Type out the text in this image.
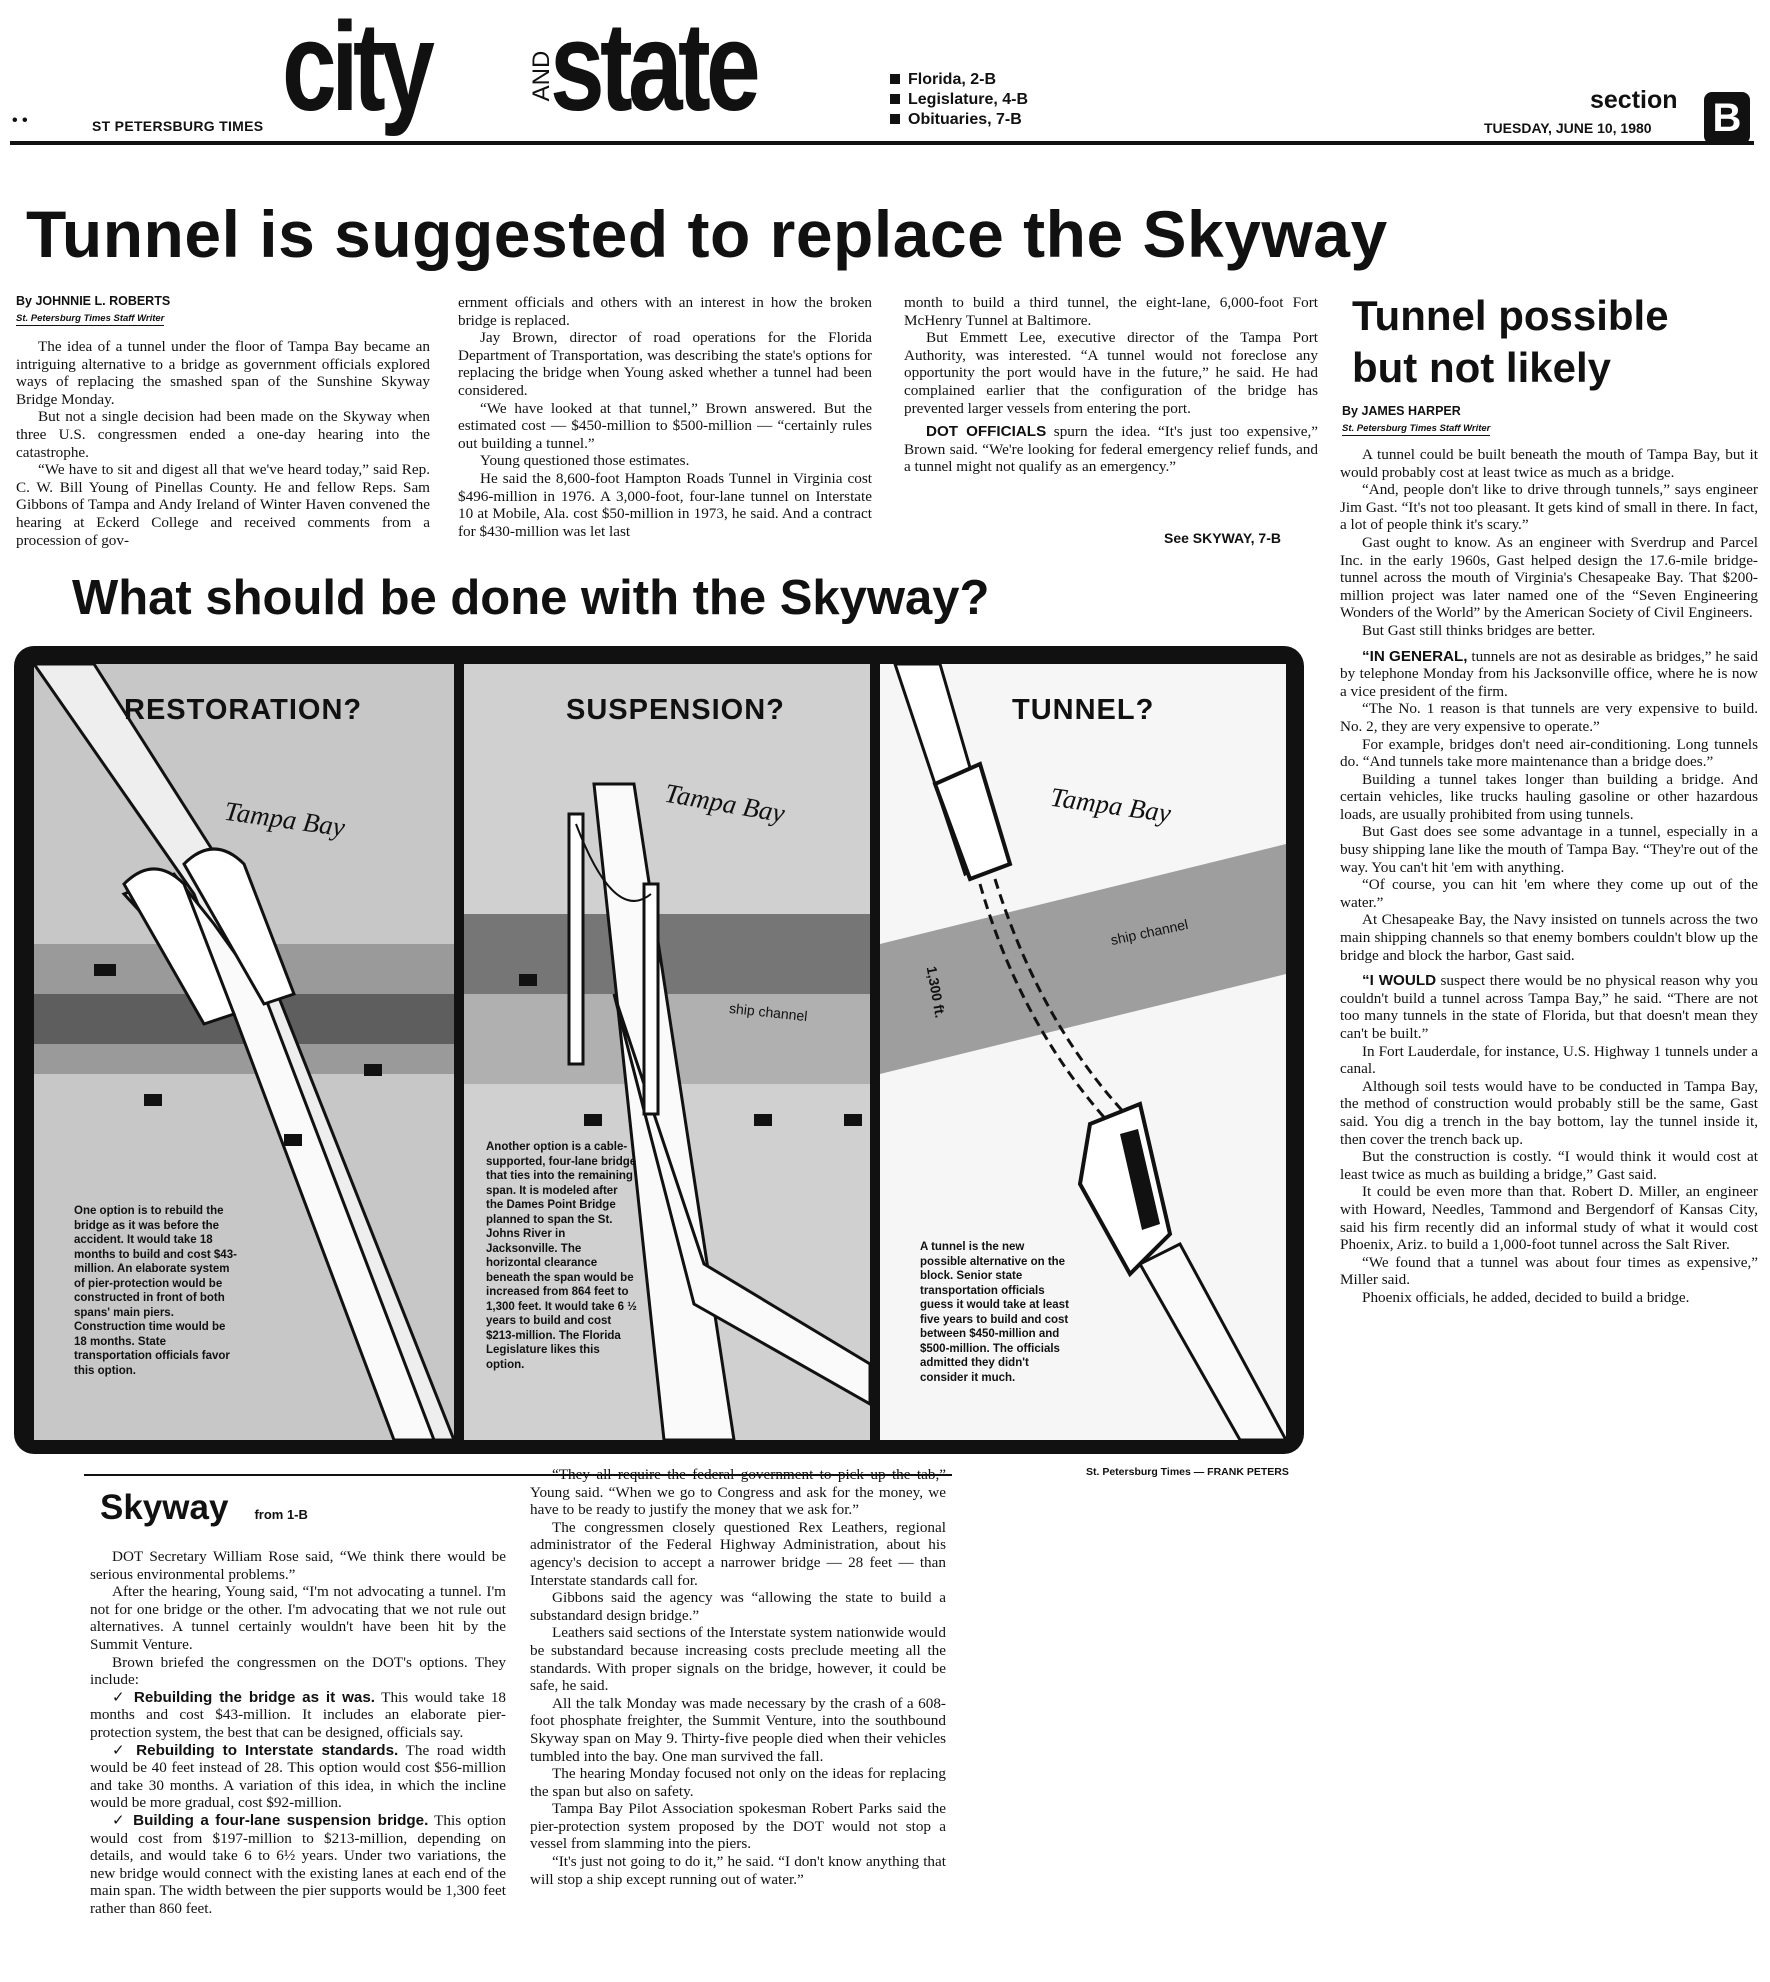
• •	ST PETERSBURG TIMES city	AND
state	Florida, 2-B
Legislature, 4-B
Obituaries, 7-B
section B
TUESDAY, JUNE 10, 1980
Tunnel is suggested to replace the Skyway
By JOHNNIE L. ROBERTS
St. Petersburg Times Staff Writer

The idea of a tunnel under the floor of Tampa Bay became an intriguing alternative to a bridge as government officials explored ways of replacing the smashed span of the Sunshine Skyway Bridge Monday.

But not a single decision had been made on the Skyway when three U.S. congressmen ended a one-day hearing into the catastrophe.

“We have to sit and digest all that we've heard today,” said Rep. C. W. Bill Young of Pinellas County. He and fellow Reps. Sam Gibbons of Tampa and Andy Ireland of Winter Haven convened the hearing at Eckerd College and received comments from a procession of gov-

ernment officials and others with an interest in how the broken bridge is replaced.

Jay Brown, director of road operations for the Florida Department of Transportation, was describing the state's options for replacing the bridge when Young asked whether a tunnel had been considered.

“We have looked at that tunnel,” Brown answered. But the estimated cost — $450-million to $500-million — “certainly rules out building a tunnel.”

Young questioned those estimates.

He said the 8,600-foot Hampton Roads Tunnel in Virginia cost $496-million in 1976. A 3,000-foot, four-lane tunnel on Interstate 10 at Mobile, Ala. cost $50-million in 1973, he said. And a contract for $430-million was let last

month to build a third tunnel, the eight-lane, 6,000-foot Fort McHenry Tunnel at Baltimore.

But Emmett Lee, executive director of the Tampa Port Authority, was interested. “A tunnel would not foreclose any opportunity the port would have in the future,” he said. He had complained earlier that the configuration of the bridge has prevented larger vessels from entering the port.

DOT OFFICIALS spurn the idea. “It's just too expensive,” Brown said. “We're looking for federal emergency relief funds, and a tunnel might not qualify as an emergency.”

See SKYWAY, 7-B
What should be done with the Skyway?
RESTORATION?
Tampa Bay
One option is to rebuild the bridge as it was before the accident. It would take 18 months to build and cost $43-million. An elaborate system of pier-protection would be constructed in front of both spans' main piers. Construction time would be 18 months. State transportation officials favor this option.
SUSPENSION?
Tampa Bay
ship channel
Another option is a cable-supported, four-lane bridge that ties into the remaining span. It is modeled after the Dames Point Bridge planned to span the St. Johns River in Jacksonville. The horizontal clearance beneath the span would be increased from 864 feet to 1,300 feet. It would take 6 ½ years to build and cost $213-million. The Florida Legislature likes this option.
TUNNEL?
Tampa Bay
ship channel
1,300 ft.
A tunnel is the new possible alternative on the block. Senior state transportation officials guess it would take at least five years to build and cost between $450-million and $500-million. The officials admitted they didn't consider it much.
St. Petersburg Times — FRANK PETERS
Tunnel possible
but not likely
By JAMES HARPER
St. Petersburg Times Staff Writer

A tunnel could be built beneath the mouth of Tampa Bay, but it would probably cost at least twice as much as a bridge.

“And, people don't like to drive through tunnels,” says engineer Jim Gast. “It's not too pleasant. It gets kind of small in there. In fact, a lot of people think it's scary.”

Gast ought to know. As an engineer with Sverdrup and Parcel Inc. in the early 1960s, Gast helped design the 17.6-mile bridge-tunnel across the mouth of Virginia's Chesapeake Bay. That $200-million project was later named one of the “Seven Engineering Wonders of the World” by the American Society of Civil Engineers.

But Gast still thinks bridges are better.

“IN GENERAL, tunnels are not as desirable as bridges,” he said by telephone Monday from his Jacksonville office, where he is now a vice president of the firm.

“The No. 1 reason is that tunnels are very expensive to build. No. 2, they are very expensive to operate.”

For example, bridges don't need air-conditioning. Long tunnels do. “And tunnels take more maintenance than a bridge does.”

Building a tunnel takes longer than building a bridge. And certain vehicles, like trucks hauling gasoline or other hazardous loads, are usually prohibited from using tunnels.

But Gast does see some advantage in a tunnel, especially in a busy shipping lane like the mouth of Tampa Bay. “They're out of the way. You can't hit 'em with anything.

“Of course, you can hit 'em where they come up out of the water.”

At Chesapeake Bay, the Navy insisted on tunnels across the two main shipping channels so that enemy bombers couldn't blow up the bridge and block the harbor, Gast said.

“I WOULD suspect there would be no physical reason why you couldn't build a tunnel across Tampa Bay,” he said. “There are not too many tunnels in the state of Florida, but that doesn't mean they can't be built.”

In Fort Lauderdale, for instance, U.S. Highway 1 tunnels under a canal.

Although soil tests would have to be conducted in Tampa Bay, the method of construction would probably still be the same, Gast said. You dig a trench in the bay bottom, lay the tunnel inside it, then cover the trench back up.

But the construction is costly. “I would think it would cost at least twice as much as building a bridge,” Gast said.

It could be even more than that. Robert D. Miller, an engineer with Howard, Needles, Tammond and Bergendorf of Kansas City, said his firm recently did an informal study of what it would cost Phoenix, Ariz. to build a 1,000-foot tunnel across the Salt River.

“We found that a tunnel was about four times as expensive,” Miller said.

Phoenix officials, he added, decided to build a bridge.

Skyway from 1-B

DOT Secretary William Rose said, “We think there would be serious environmental problems.”

After the hearing, Young said, “I'm not advocating a tunnel. I'm not for one bridge or the other. I'm advocating that we not rule out alternatives. A tunnel certainly wouldn't have been hit by the Summit Venture.

Brown briefed the congressmen on the DOT's options. They include:

✓ Rebuilding the bridge as it was. This would take 18 months and cost $43-million. It includes an elaborate pier-protection system, the best that can be designed, officials say.

✓ Rebuilding to Interstate standards. The road width would be 40 feet instead of 28. This option would cost $56-million and take 30 months. A variation of this idea, in which the incline would be more gradual, cost $92-million.

✓ Building a four-lane suspension bridge. This option would cost from $197-million to $213-million, depending on details, and would take 6 to 6½ years. Under two variations, the new bridge would connect with the existing lanes at each end of the main span. The width between the pier supports would be 1,300 feet rather than 860 feet.

“They all require the federal government to pick up the tab,” Young said. “When we go to Congress and ask for the money, we have to be ready to justify the money that we ask for.”

The congressmen closely questioned Rex Leathers, regional administrator of the Federal Highway Administration, about his agency's decision to accept a narrower bridge — 28 feet — than Interstate standards call for.

Gibbons said the agency was “allowing the state to build a substandard design bridge.”

Leathers said sections of the Interstate system nationwide would be substandard because increasing costs preclude meeting all the standards. With proper signals on the bridge, however, it could be safe, he said.

All the talk Monday was made necessary by the crash of a 608-foot phosphate freighter, the Summit Venture, into the southbound Skyway span on May 9. Thirty-five people died when their vehicles tumbled into the bay. One man survived the fall.

The hearing Monday focused not only on the ideas for replacing the span but also on safety.

Tampa Bay Pilot Association spokesman Robert Parks said the pier-protection system proposed by the DOT would not stop a vessel from slamming into the piers.

“It's just not going to do it,” he said. “I don't know anything that will stop a ship except running out of water.”
